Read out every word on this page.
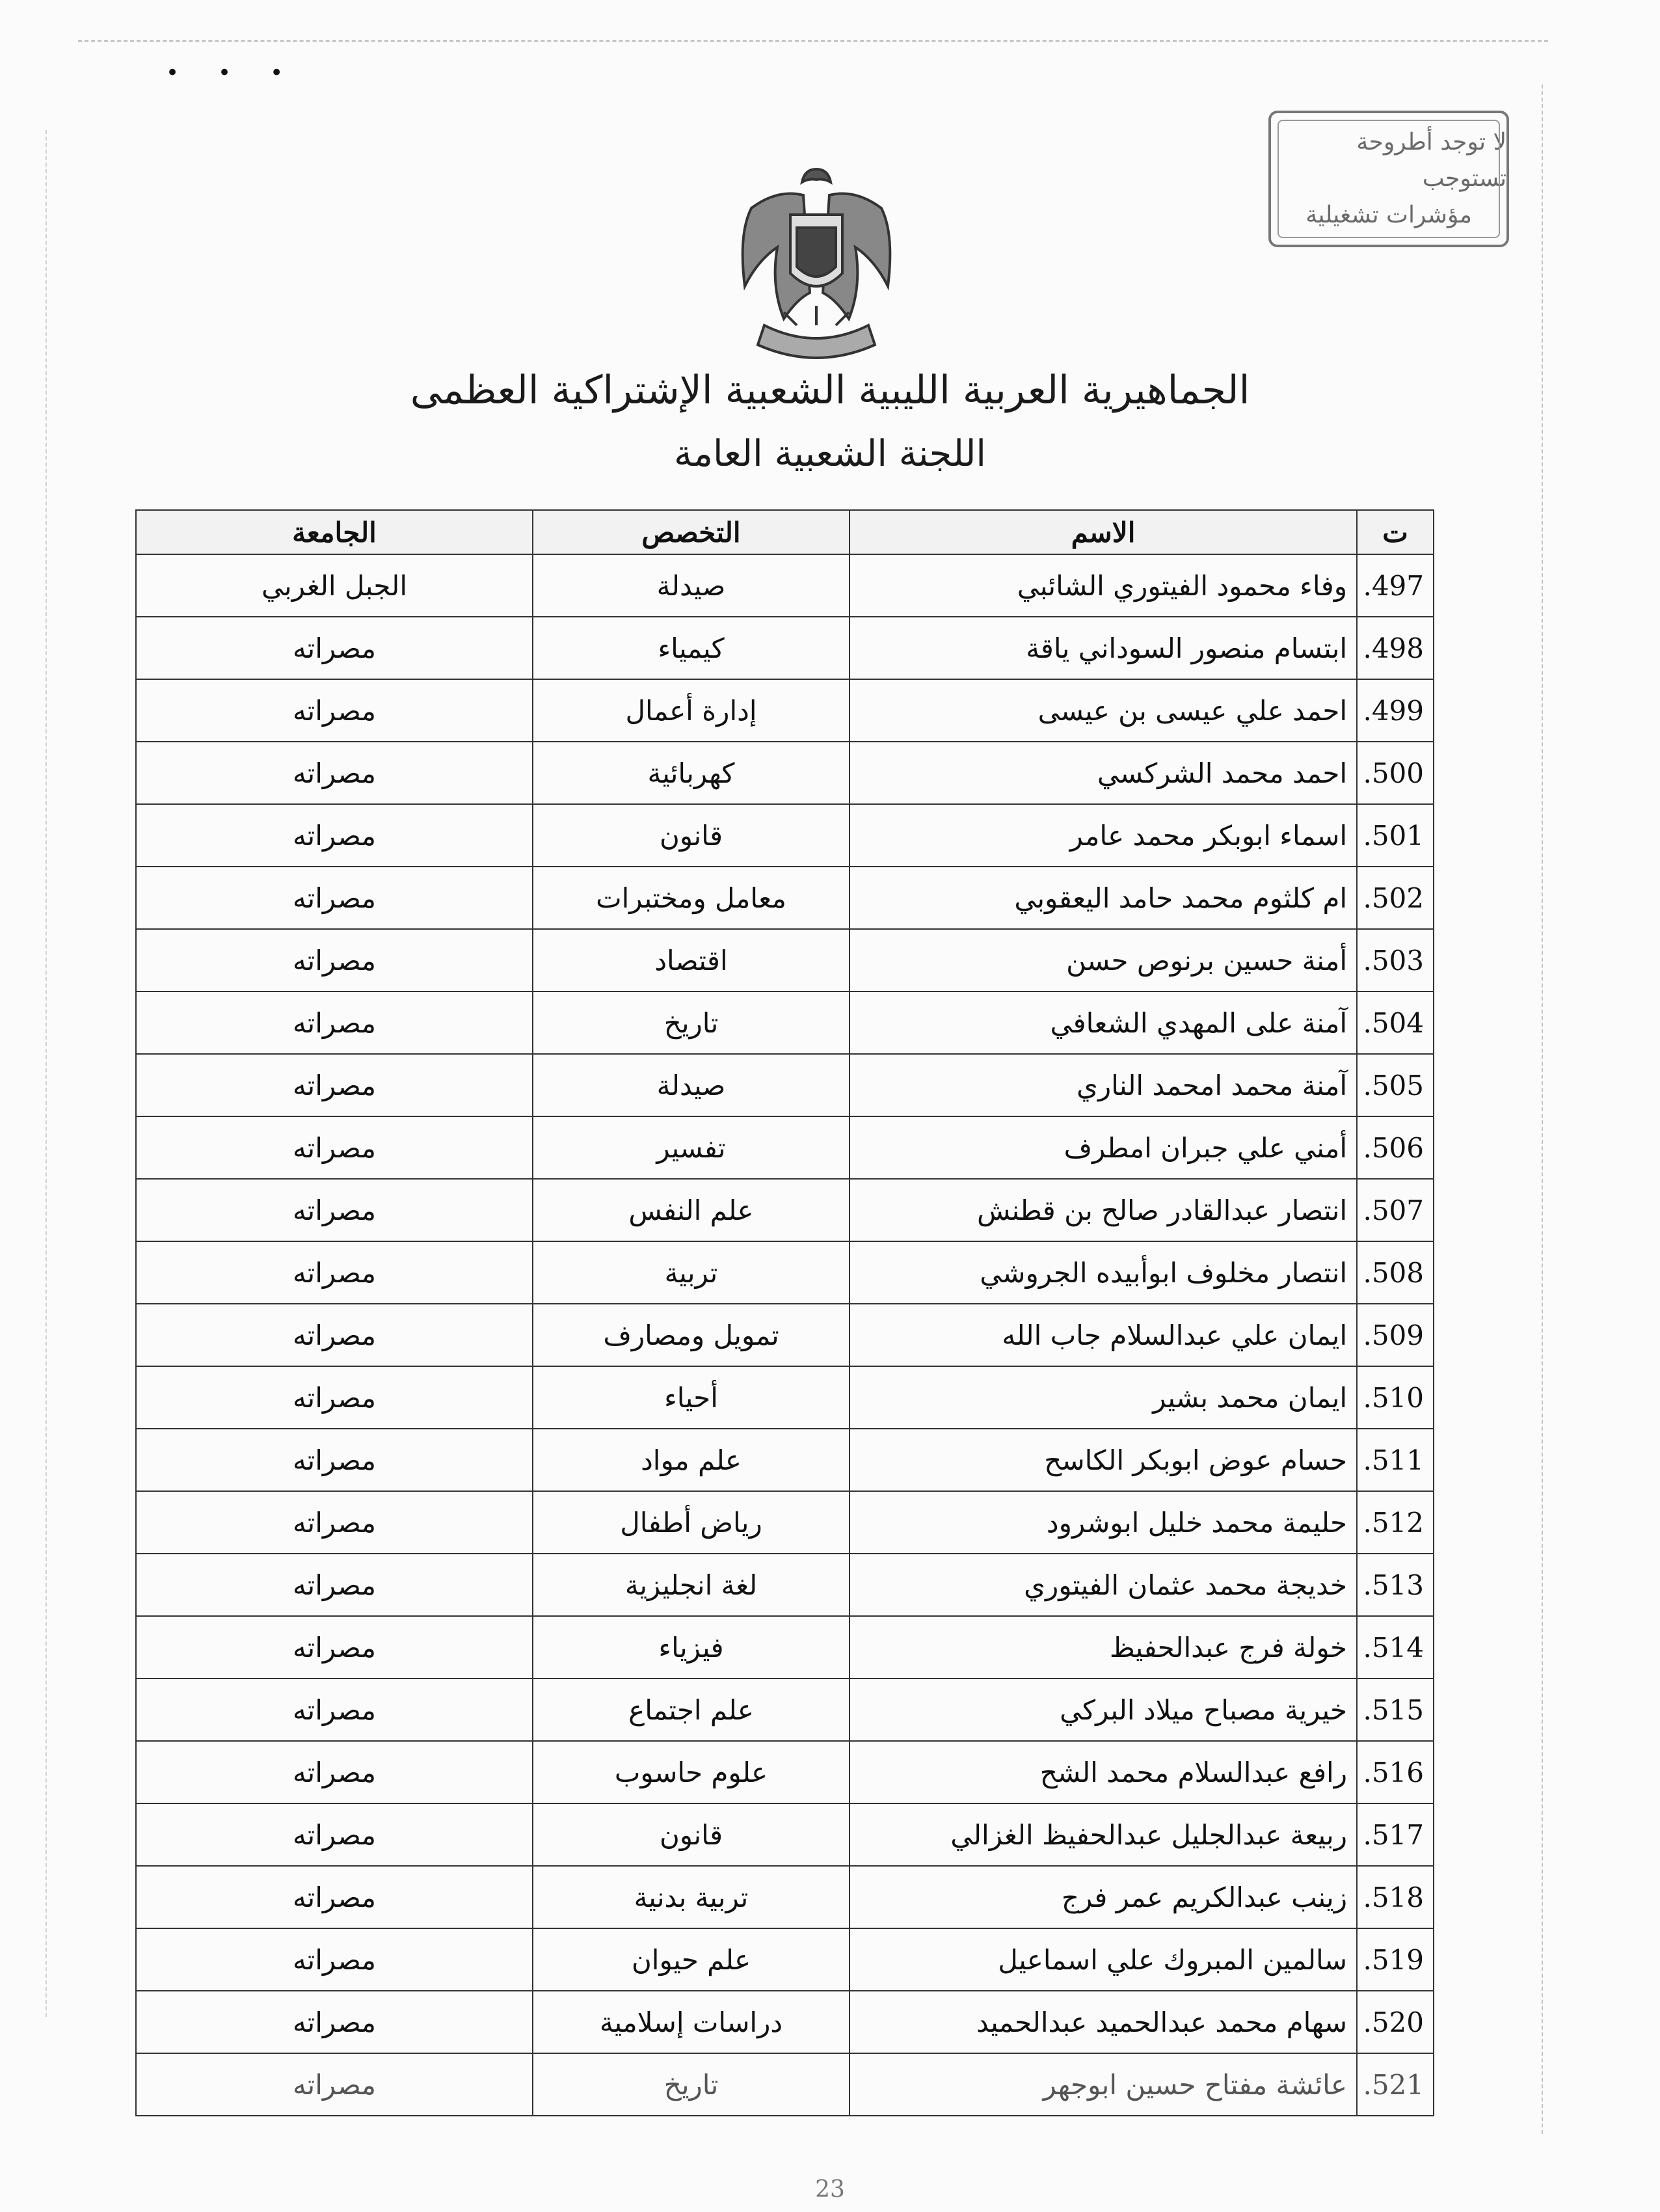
•••
لا توجد أطروحة تستوجب
مؤشرات تشغيلية
الجماهيرية العربية الليبية الشعبية الإشتراكية العظمى
اللجنة الشعبية العامة
ت	الاسم	التخصص	الجامعة
497.	وفاء محمود الفيتوري الشائبي	صيدلة	الجبل الغربي
498.	ابتسام منصور السوداني ياقة	كيمياء	مصراته
499.	احمد علي عيسى بن عيسى	إدارة أعمال	مصراته
500.	احمد محمد الشركسي	كهربائية	مصراته
501.	اسماء ابوبكر محمد عامر	قانون	مصراته
502.	ام كلثوم محمد حامد اليعقوبي	معامل ومختبرات	مصراته
503.	أمنة حسين برنوص حسن	اقتصاد	مصراته
504.	آمنة على المهدي الشعافي	تاريخ	مصراته
505.	آمنة محمد امحمد الناري	صيدلة	مصراته
506.	أمني علي جبران امطرف	تفسير	مصراته
507.	انتصار عبدالقادر صالح بن قطنش	علم النفس	مصراته
508.	انتصار مخلوف ابوأبيده الجروشي	تربية	مصراته
509.	ايمان علي عبدالسلام جاب الله	تمويل ومصارف	مصراته
510.	ايمان محمد بشير	أحياء	مصراته
511.	حسام عوض ابوبكر الكاسح	علم مواد	مصراته
512.	حليمة محمد خليل ابوشرود	رياض أطفال	مصراته
513.	خديجة محمد عثمان الفيتوري	لغة انجليزية	مصراته
514.	خولة فرج عبدالحفيظ	فيزياء	مصراته
515.	خيرية مصباح ميلاد البركي	علم اجتماع	مصراته
516.	رافع عبدالسلام محمد الشح	علوم حاسوب	مصراته
517.	ربيعة عبدالجليل عبدالحفيظ الغزالي	قانون	مصراته
518.	زينب عبدالكريم عمر فرج	تربية بدنية	مصراته
519.	سالمين المبروك علي اسماعيل	علم حيوان	مصراته
520.	سهام محمد عبدالحميد عبدالحميد	دراسات إسلامية	مصراته
521.	عائشة مفتاح حسين ابوجهر	تاريخ	مصراته
23
